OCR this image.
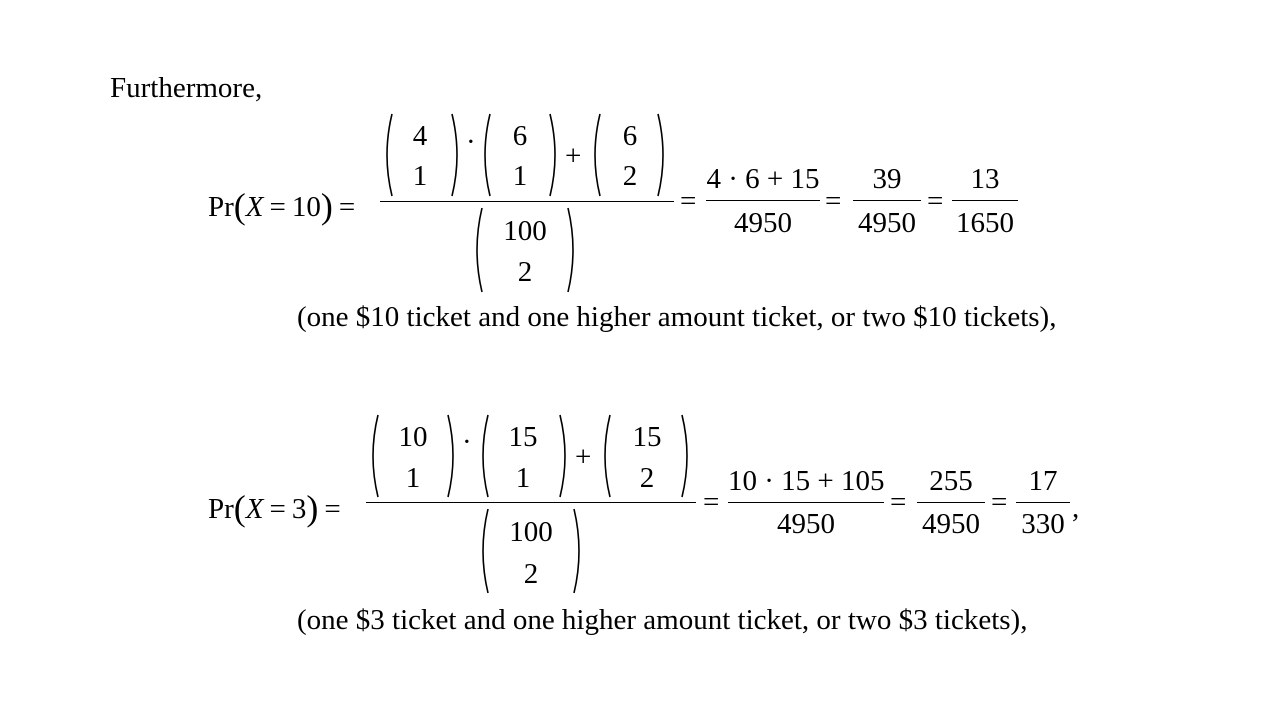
Furthermore,
Pr(X = 10) =
4
1
·	6
1
+
6
2
100
2
=
4 · 6 + 15
4950
=
39
4950
=
13
1650
(one $10 ticket and one higher amount ticket, or two $10 tickets),
Pr(X = 3) =
10
1
·	15
1
+
15
2
100
2
=
10 · 15 + 105
4950
=
255
4950
=
17
330 ,
(one $3 ticket and one higher amount ticket, or two $3 tickets),
